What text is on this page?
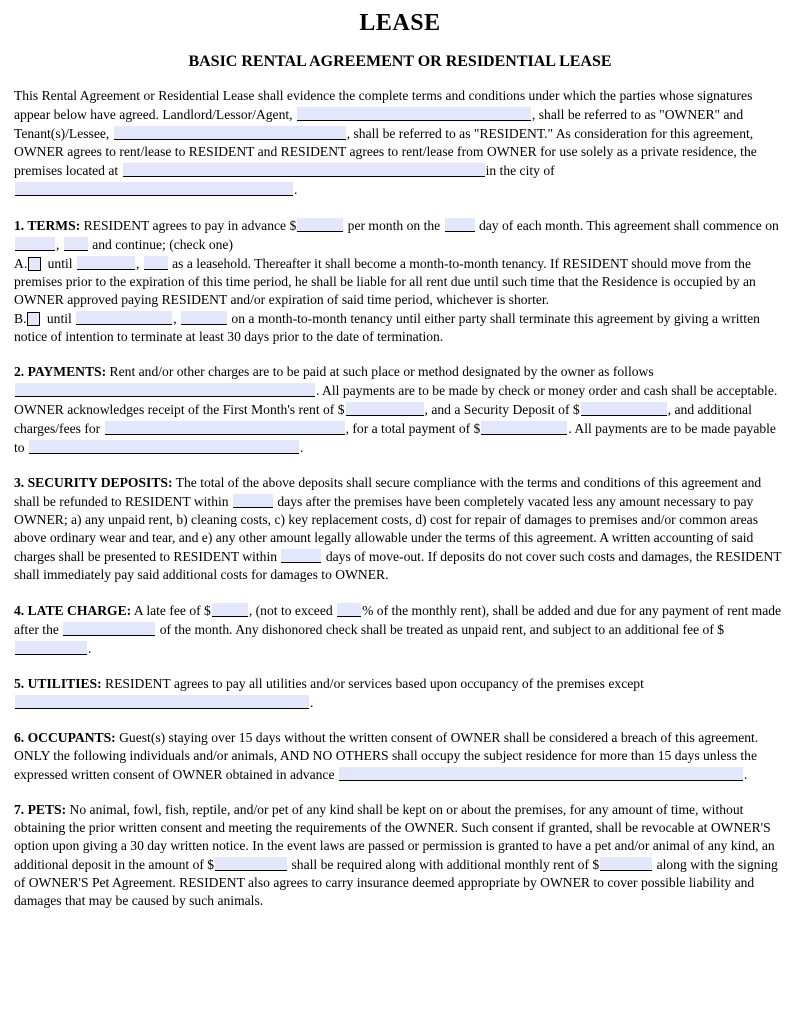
LEASE
BASIC RENTAL AGREEMENT OR RESIDENTIAL LEASE
This Rental Agreement or Residential Lease shall evidence the complete terms and conditions under which the parties whose signatures appear below have agreed. Landlord/Lessor/Agent,	, shall be referred to as "OWNER" and Tenant(s)/Lessee,	, shall be referred to as "RESIDENT." As consideration for this agreement, OWNER agrees to rent/lease to RESIDENT and RESIDENT agrees to rent/lease from OWNER for use solely as a private residence, the premises located at	in the city of .
1. TERMS: RESIDENT agrees to pay in advance $	per month on the  day of each month. This agreement shall commence on ,  and continue; (check one)
A. until	,  as a leasehold. Thereafter it shall become a month-to-month tenancy. If RESIDENT should move from the premises prior to the expiration of this time period, he shall be liable for all rent due until such time that the Residence is occupied by an OWNER approved paying RESIDENT and/or expiration of said time period, whichever is shorter.
B. until	,	on a month-to-month tenancy until either party shall terminate this agreement by giving a written notice of intention to terminate at least 30 days prior to the date of termination.
2. PAYMENTS: Rent and/or other charges are to be paid at such place or method designated by the owner as follows . All payments are to be made by check or money order and cash shall be acceptable. OWNER acknowledges receipt of the First Month's rent of $	, and a Security Deposit of $	, and additional charges/fees for	, for a total payment of $	. All payments are to be made payable to	.
3. SECURITY DEPOSITS: The total of the above deposits shall secure compliance with the terms and conditions of this agreement and shall be refunded to RESIDENT within	days after the premises have been completely vacated less any amount necessary to pay OWNER; a) any unpaid rent, b) cleaning costs, c) key replacement costs, d) cost for repair of damages to premises and/or common areas above ordinary wear and tear, and e) any other amount legally allowable under the terms of this agreement. A written accounting of said charges shall be presented to RESIDENT within	days of move-out. If deposits do not cover such costs and damages, the RESIDENT shall immediately pay said additional costs for damages to OWNER.
4. LATE CHARGE: A late fee of $	, (not to exceed % of the monthly rent), shall be added and due for any payment of rent made after the	of the month. Any dishonored check shall be treated as unpaid rent, and subject to an additional fee of $.
5. UTILITIES: RESIDENT agrees to pay all utilities and/or services based upon occupancy of the premises except .
6. OCCUPANTS: Guest(s) staying over 15 days without the written consent of OWNER shall be considered a breach of this agreement. ONLY the following individuals and/or animals, AND NO OTHERS shall occupy the subject residence for more than 15 days unless the expressed written consent of OWNER obtained in advance	.
7. PETS: No animal, fowl, fish, reptile, and/or pet of any kind shall be kept on or about the premises, for any amount of time, without obtaining the prior written consent and meeting the requirements of the OWNER. Such consent if granted, shall be revocable at OWNER'S option upon giving a 30 day written notice. In the event laws are passed or permission is granted to have a pet and/or animal of any kind, an additional deposit in the amount of $	shall be required along with additional monthly rent of $	along with the signing of OWNER'S Pet Agreement. RESIDENT also agrees to carry insurance deemed appropriate by OWNER to cover possible liability and damages that may be caused by such animals.
